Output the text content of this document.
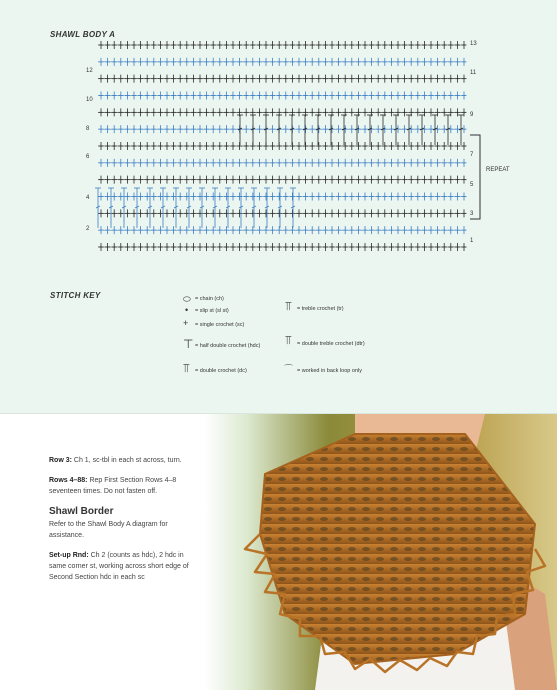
12
10
8
6
4
2
13
11
9
7
5
3
1
SHAWL BODY A
REPEAT
STITCH KEY	⬭ = chain (ch)
• = slip st (sl st)
+ = single crochet (sc)
⊤ = half double crochet (hdc)
⫪ = double crochet (dc)
⫪ = treble crochet (tr)
⫪ = double treble crochet (dtr)
⌒ = worked in back loop only

Row 3: Ch 1, sc-tbl in each st across, turn.

Rows 4–88: Rep First Section Rows 4–8 seventeen times. Do not fasten off.

Shawl Border

Refer to the Shawl Body A diagram for assistance.

Set-up Rnd: Ch 2 (counts as hdc), 2 hdc in same corner st, working across short edge of Second Section hdc in each sc
